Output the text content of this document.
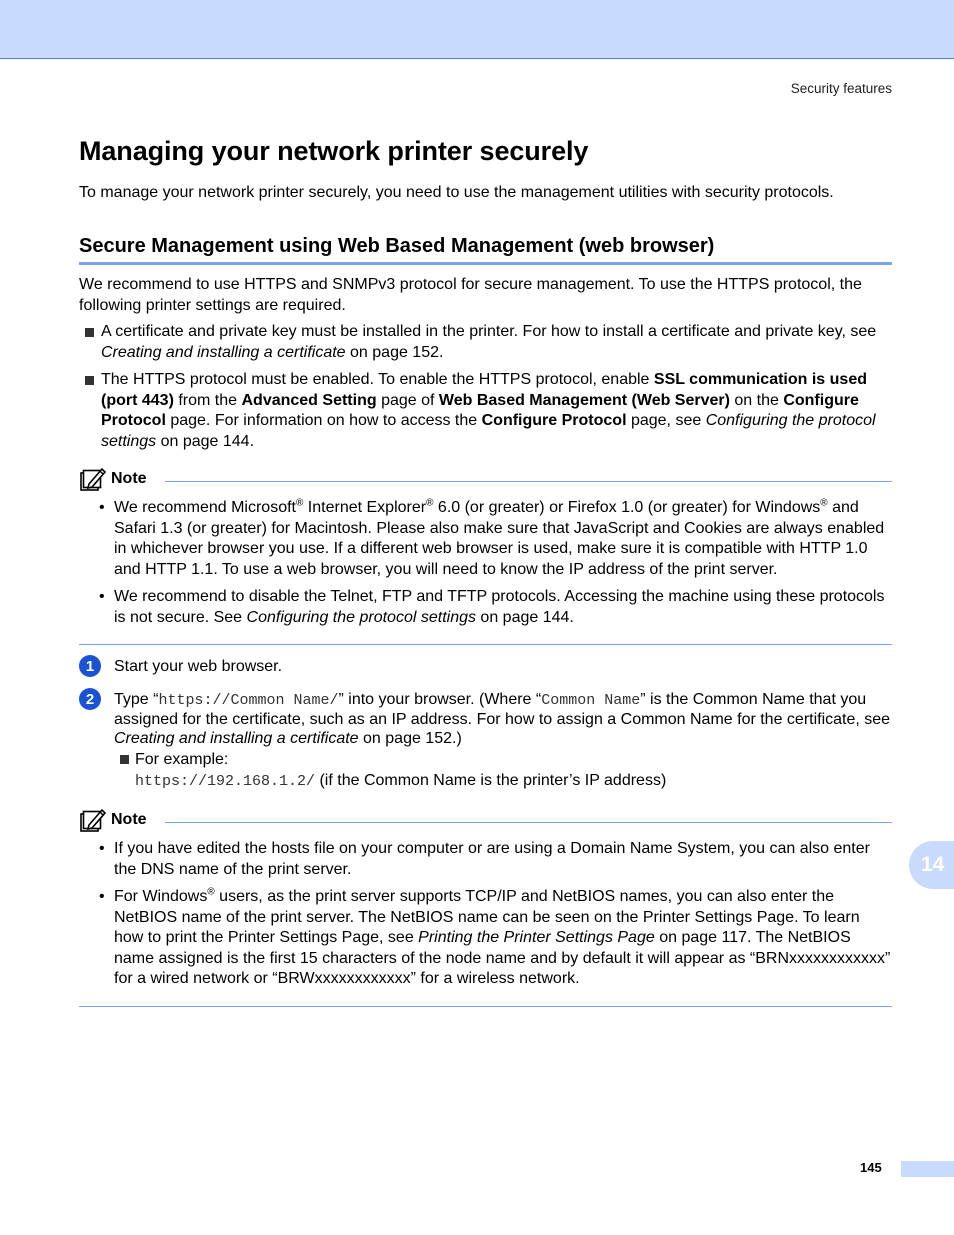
Security features
Managing your network printer securely

To manage your network printer securely, you need to use the management utilities with security protocols.

Secure Management using Web Based Management (web browser)

We recommend to use HTTPS and SNMPv3 protocol for secure management. To use the HTTPS protocol, the following printer settings are required.

A certificate and private key must be installed in the printer. For how to install a certificate and private key, see Creating and installing a certificate on page 152.
The HTTPS protocol must be enabled. To enable the HTTPS protocol, enable SSL communication is used (port 443) from the Advanced Setting page of Web Based Management (Web Server) on the Configure Protocol page. For information on how to access the Configure Protocol page, see Configuring the protocol settings on page 144.
Note
• We recommend Microsoft® Internet Explorer® 6.0 (or greater) or Firefox 1.0 (or greater) for Windows® and Safari 1.3 (or greater) for Macintosh. Please also make sure that JavaScript and Cookies are always enabled in whichever browser you use. If a different web browser is used, make sure it is compatible with HTTP 1.0 and HTTP 1.1. To use a web browser, you will need to know the IP address of the print server.
• We recommend to disable the Telnet, FTP and TFTP protocols. Accessing the machine using these protocols is not secure. See Configuring the protocol settings on page 144.
1	Start your web browser.
2	Type “https://Common Name/” into your browser. (Where “Common Name” is the Common Name that you assigned for the certificate, such as an IP address. For how to assign a Common Name for the certificate, see Creating and installing a certificate on page 152.)
For example:
https://192.168.1.2/ (if the Common Name is the printer’s IP address)
Note
• If you have edited the hosts file on your computer or are using a Domain Name System, you can also enter the DNS name of the print server.
• For Windows® users, as the print server supports TCP/IP and NetBIOS names, you can also enter the NetBIOS name of the print server. The NetBIOS name can be seen on the Printer Settings Page. To learn how to print the Printer Settings Page, see Printing the Printer Settings Page on page 117. The NetBIOS name assigned is the first 15 characters of the node name and by default it will appear as “BRNxxxxxxxxxxxx” for a wired network or “BRWxxxxxxxxxxxx” for a wireless network.
14
145
